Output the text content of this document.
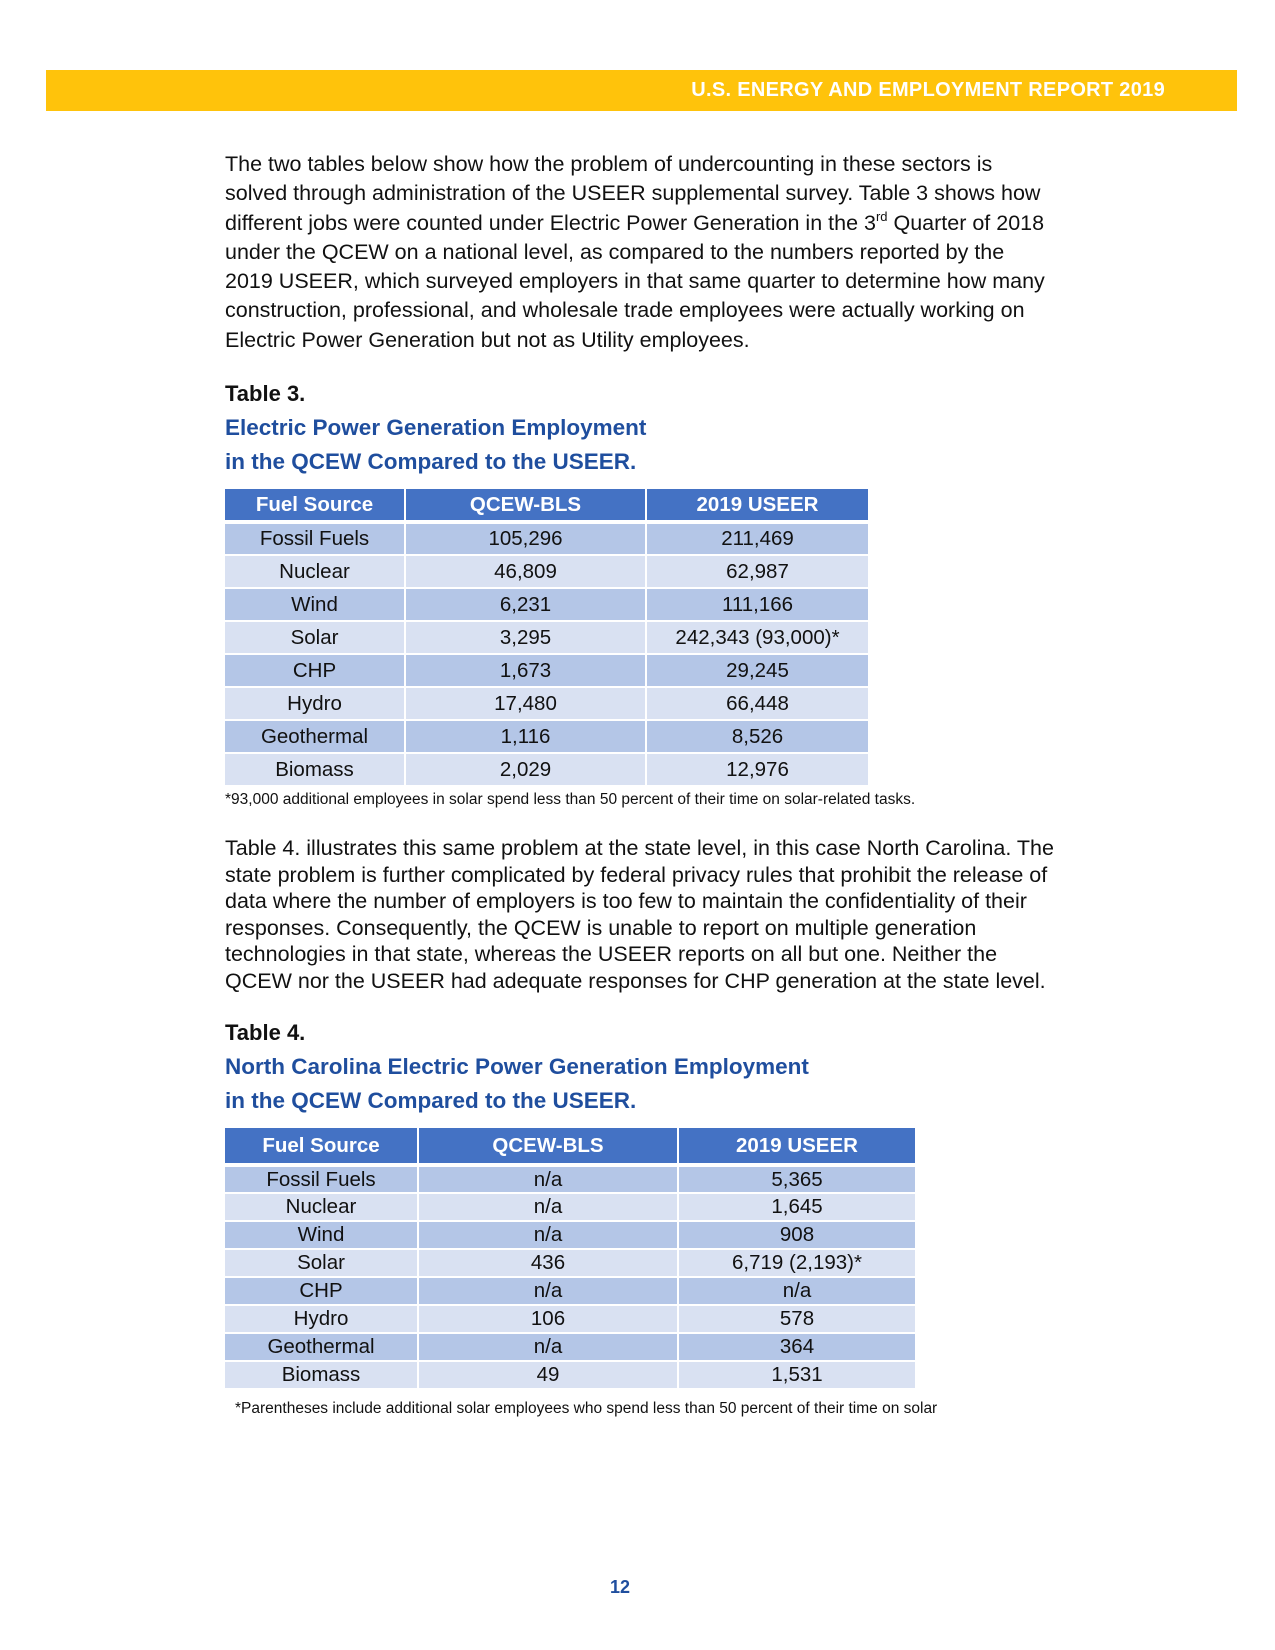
U.S. ENERGY AND EMPLOYMENT REPORT 2019

The two tables below show how the problem of undercounting in these sectors is solved through administration of the USEER supplemental survey. Table 3 shows how different jobs were counted under Electric Power Generation in the 3rd Quarter of 2018 under the QCEW on a national level, as compared to the numbers reported by the 2019 USEER, which surveyed employers in that same quarter to determine how many construction, professional, and wholesale trade employees were actually working on Electric Power Generation but not as Utility employees.

Table 3.

Electric Power Generation Employment

in the QCEW Compared to the USEER.

Fuel Source	QCEW-BLS	2019 USEER
Fossil Fuels	105,296	211,469
Nuclear	46,809	62,987
Wind	6,231	111,166
Solar	3,295	242,343 (93,000)*
CHP	1,673	29,245
Hydro	17,480	66,448
Geothermal	1,116	8,526
Biomass	2,029	12,976

*93,000 additional employees in solar spend less than 50 percent of their time on solar-related tasks.

Table 4. illustrates this same problem at the state level, in this case North Carolina. The state problem is further complicated by federal privacy rules that prohibit the release of data where the number of employers is too few to maintain the confidentiality of their responses. Consequently, the QCEW is unable to report on multiple generation technologies in that state, whereas the USEER reports on all but one. Neither the QCEW nor the USEER had adequate responses for CHP generation at the state level.

Table 4.

North Carolina Electric Power Generation Employment

in the QCEW Compared to the USEER.

Fuel Source	QCEW-BLS	2019 USEER
Fossil Fuels	n/a	5,365
Nuclear	n/a	1,645
Wind	n/a	908
Solar	436	6,719 (2,193)*
CHP	n/a	n/a
Hydro	106	578
Geothermal	n/a	364
Biomass	49	1,531

*Parentheses include additional solar employees who spend less than 50 percent of their time on solar

12
